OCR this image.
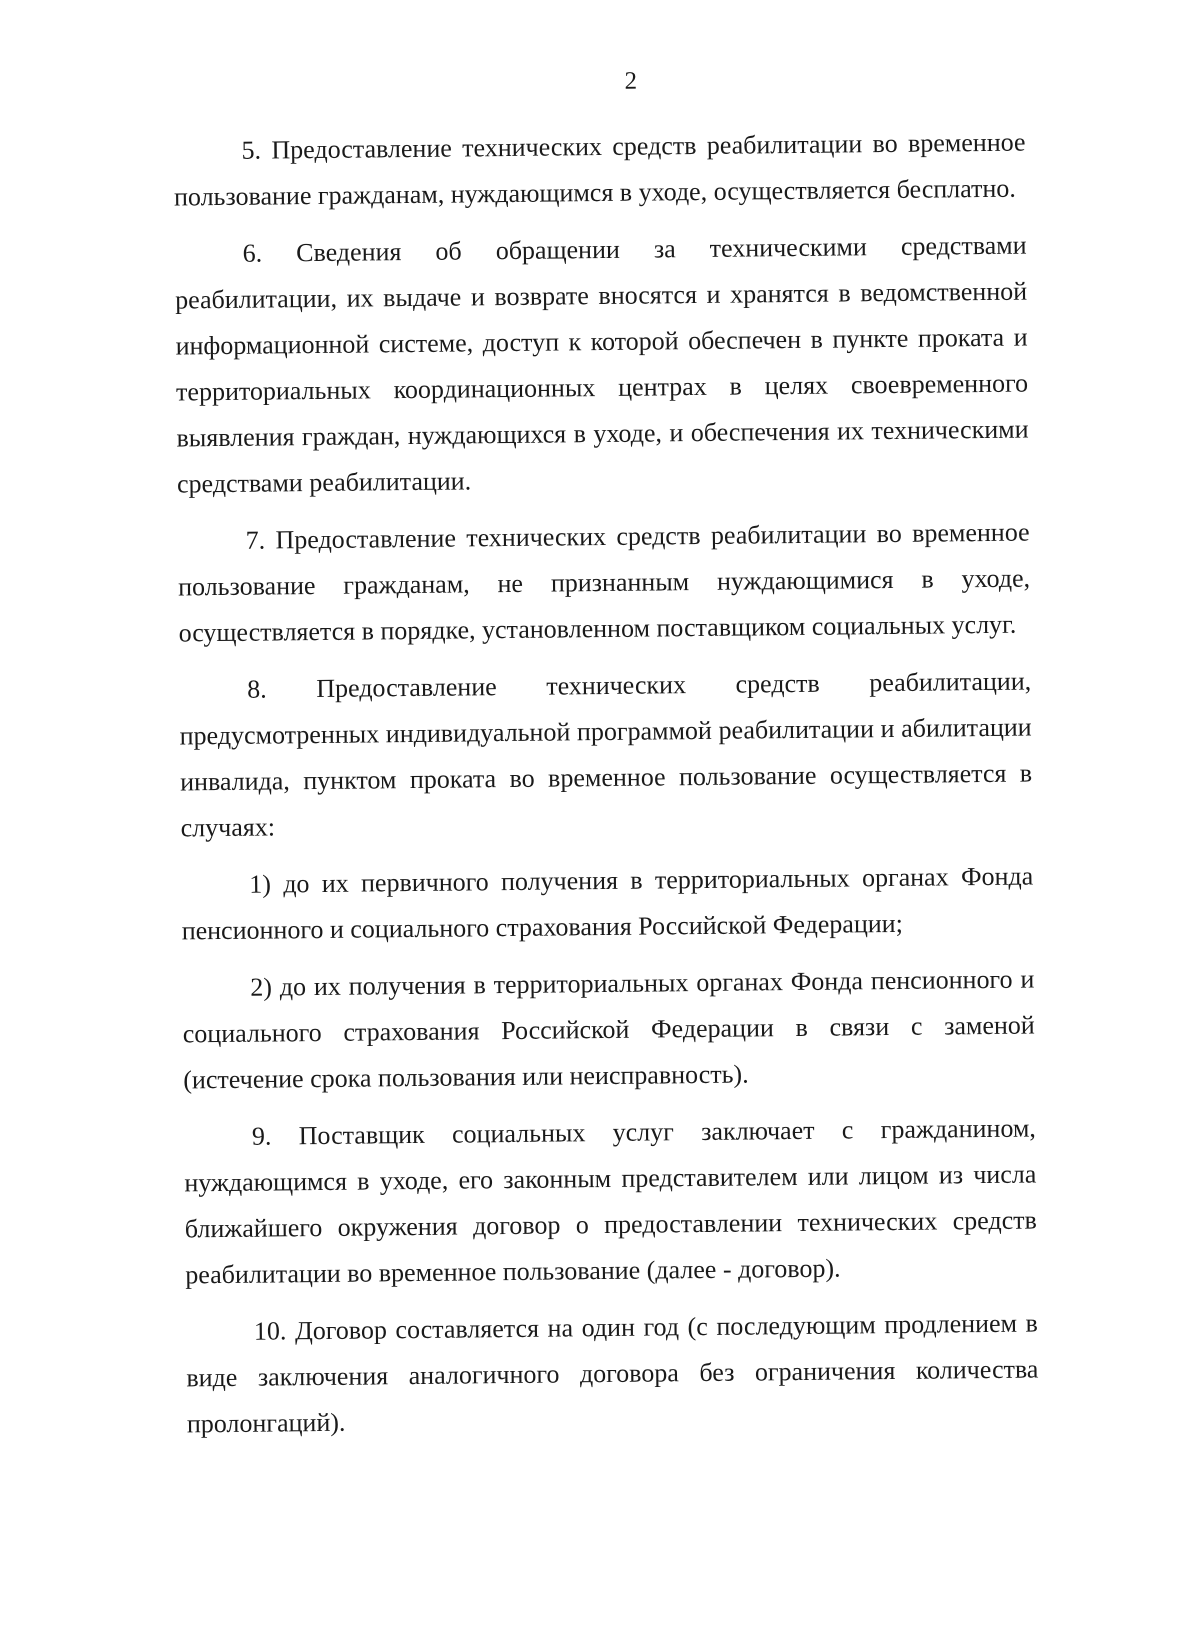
2

5. Предоставление технических средств реабилитации во временное пользование гражданам, нуждающимся в уходе, осуществляется бесплатно.

6. Сведения об обращении за техническими средствами реабилитации, их выдаче и возврате вносятся и хранятся в ведомственной информационной системе, доступ к которой обеспечен в пункте проката и территориальных координационных центрах в целях своевременного выявления граждан, нуждающихся в уходе, и обеспечения их техническими средствами реабилитации.

7. Предоставление технических средств реабилитации во временное пользование гражданам, не признанным нуждающимися в уходе, осуществляется в порядке, установленном поставщиком социальных услуг.

8. Предоставление технических средств реабилитации, предусмотренных индивидуальной программой реабилитации и абилитации инвалида, пунктом проката во временное пользование осуществляется в случаях:

1) до их первичного получения в территориальных органах Фонда пенсионного и социального страхования Российской Федерации;

2) до их получения в территориальных органах Фонда пенсионного и социального страхования Российской Федерации в связи с заменой (истечение срока пользования или неисправность).

9. Поставщик социальных услуг заключает с гражданином, нуждающимся в уходе, его законным представителем или лицом из числа ближайшего окружения договор о предоставлении технических средств реабилитации во временное пользование (далее - договор).

10. Договор составляется на один год (с последующим продлением в виде заключения аналогичного договора без ограничения количества пролонгаций).
